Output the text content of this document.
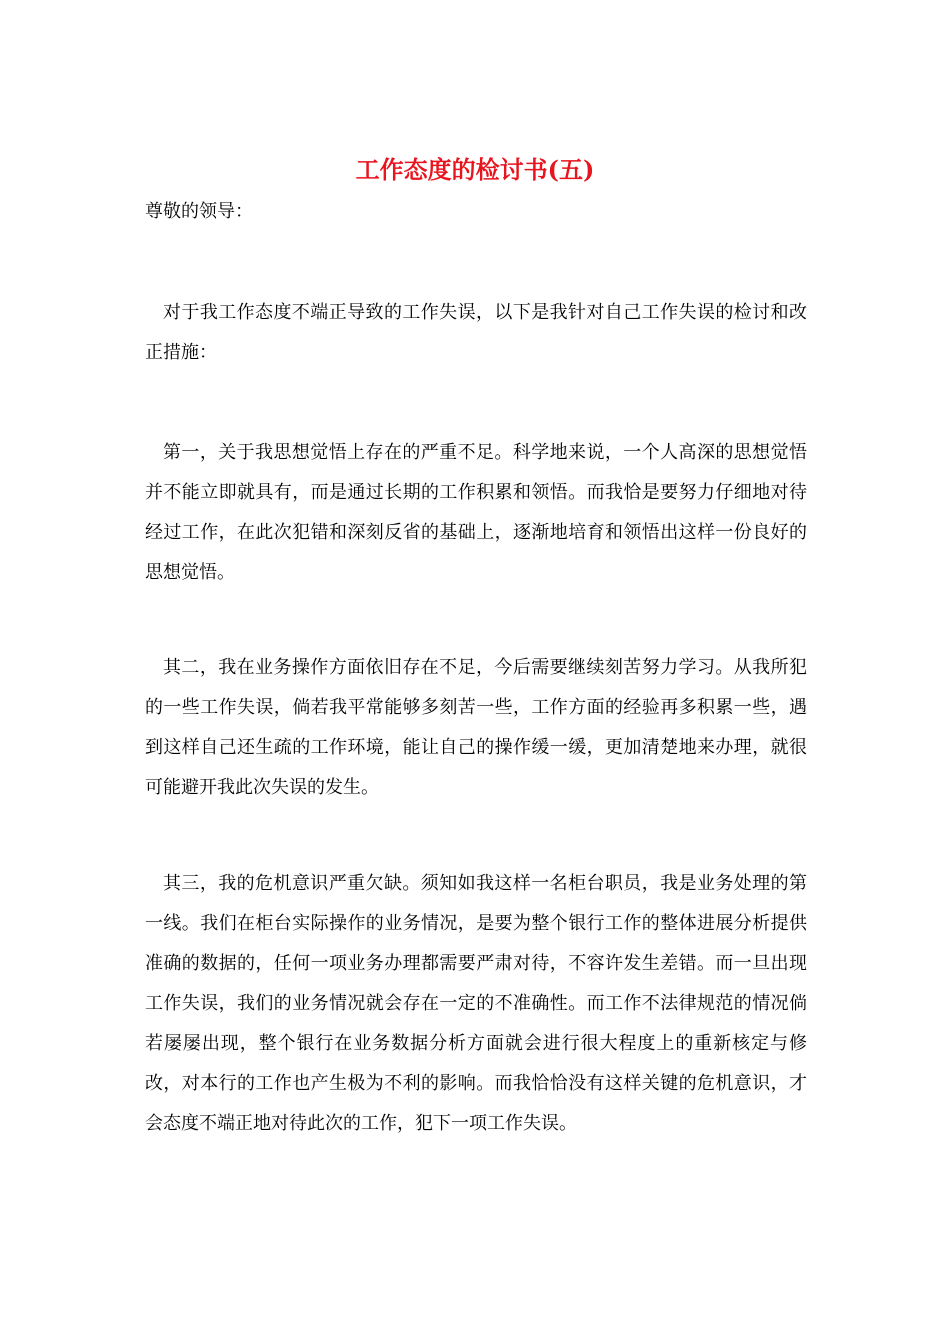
工作态度的检讨书(五)

尊敬的领导：

对于我工作态度不端正导致的工作失误，以下是我针对自己工作失误的检讨和改正措施：

第一，关于我思想觉悟上存在的严重不足。科学地来说，一个人高深的思想觉悟并不能立即就具有，而是通过长期的工作积累和领悟。而我恰是要努力仔细地对待经过工作，在此次犯错和深刻反省的基础上，逐渐地培育和领悟出这样一份良好的思想觉悟。

其二，我在业务操作方面依旧存在不足，今后需要继续刻苦努力学习。从我所犯的一些工作失误，倘若我平常能够多刻苦一些，工作方面的经验再多积累一些，遇到这样自己还生疏的工作环境，能让自己的操作缓一缓，更加清楚地来办理，就很可能避开我此次失误的发生。

其三，我的危机意识严重欠缺。须知如我这样一名柜台职员，我是业务处理的第一线。我们在柜台实际操作的业务情况，是要为整个银行工作的整体进展分析提供准确的数据的，任何一项业务办理都需要严肃对待，不容许发生差错。而一旦出现工作失误，我们的业务情况就会存在一定的不准确性。而工作不法律规范的情况倘若屡屡出现，整个银行在业务数据分析方面就会进行很大程度上的重新核定与修改，对本行的工作也产生极为不利的影响。而我恰恰没有这样关键的危机意识，才会态度不端正地对待此次的工作，犯下一项工作失误。
